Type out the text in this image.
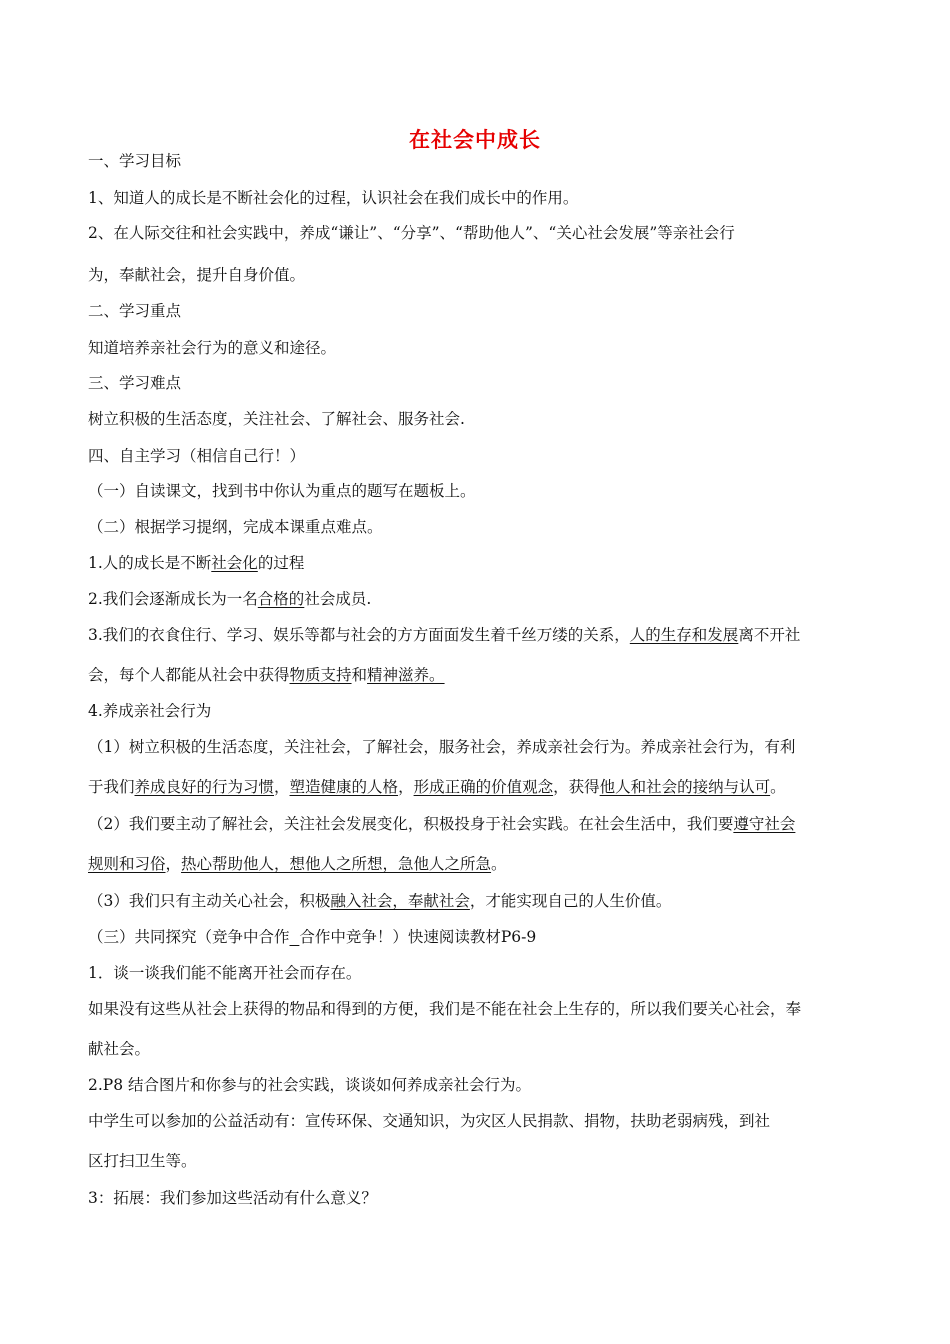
在社会中成长
一、学习目标
1、知道人的成长是不断社会化的过程，认识社会在我们成长中的作用。
2、在人际交往和社会实践中，养成“谦让”、“分享”、“帮助他人”、“关心社会发展”等亲社会行
为，奉献社会，提升自身价值。
二、学习重点
知道培养亲社会行为的意义和途径。
三、学习难点
树立积极的生活态度，关注社会、了解社会、服务社会.
四、自主学习（相信自己行！）
（一）自读课文，找到书中你认为重点的题写在题板上。
（二）根据学习提纲，完成本课重点难点。
1.人的成长是不断社会化的过程
2.我们会逐渐成长为一名合格的社会成员.
3.我们的衣食住行、学习、娱乐等都与社会的方方面面发生着千丝万缕的关系，人的生存和发展离不开社
会，每个人都能从社会中获得物质支持和精神滋养。
4.养成亲社会行为
（1）树立积极的生活态度，关注社会，了解社会，服务社会，养成亲社会行为。养成亲社会行为，有利
于我们养成良好的行为习惯，塑造健康的人格，形成正确的价值观念，获得他人和社会的接纳与认可。
（2）我们要主动了解社会，关注社会发展变化，积极投身于社会实践。在社会生活中，我们要遵守社会
规则和习俗，热心帮助他人，想他人之所想，急他人之所急。
（3）我们只有主动关心社会，积极融入社会，奉献社会，才能实现自己的人生价值。
（三）共同探究（竞争中合作 合作中竞争！）快速阅读教材P6-9
1．谈一谈我们能不能离开社会而存在。
如果没有这些从社会上获得的物品和得到的方便，我们是不能在社会上生存的，所以我们要关心社会，奉
献社会。
2.P8 结合图片和你参与的社会实践，谈谈如何养成亲社会行为。
中学生可以参加的公益活动有：宣传环保、交通知识，为灾区人民捐款、捐物，扶助老弱病残，到社
区打扫卫生等。
3：拓展：我们参加这些活动有什么意义？
